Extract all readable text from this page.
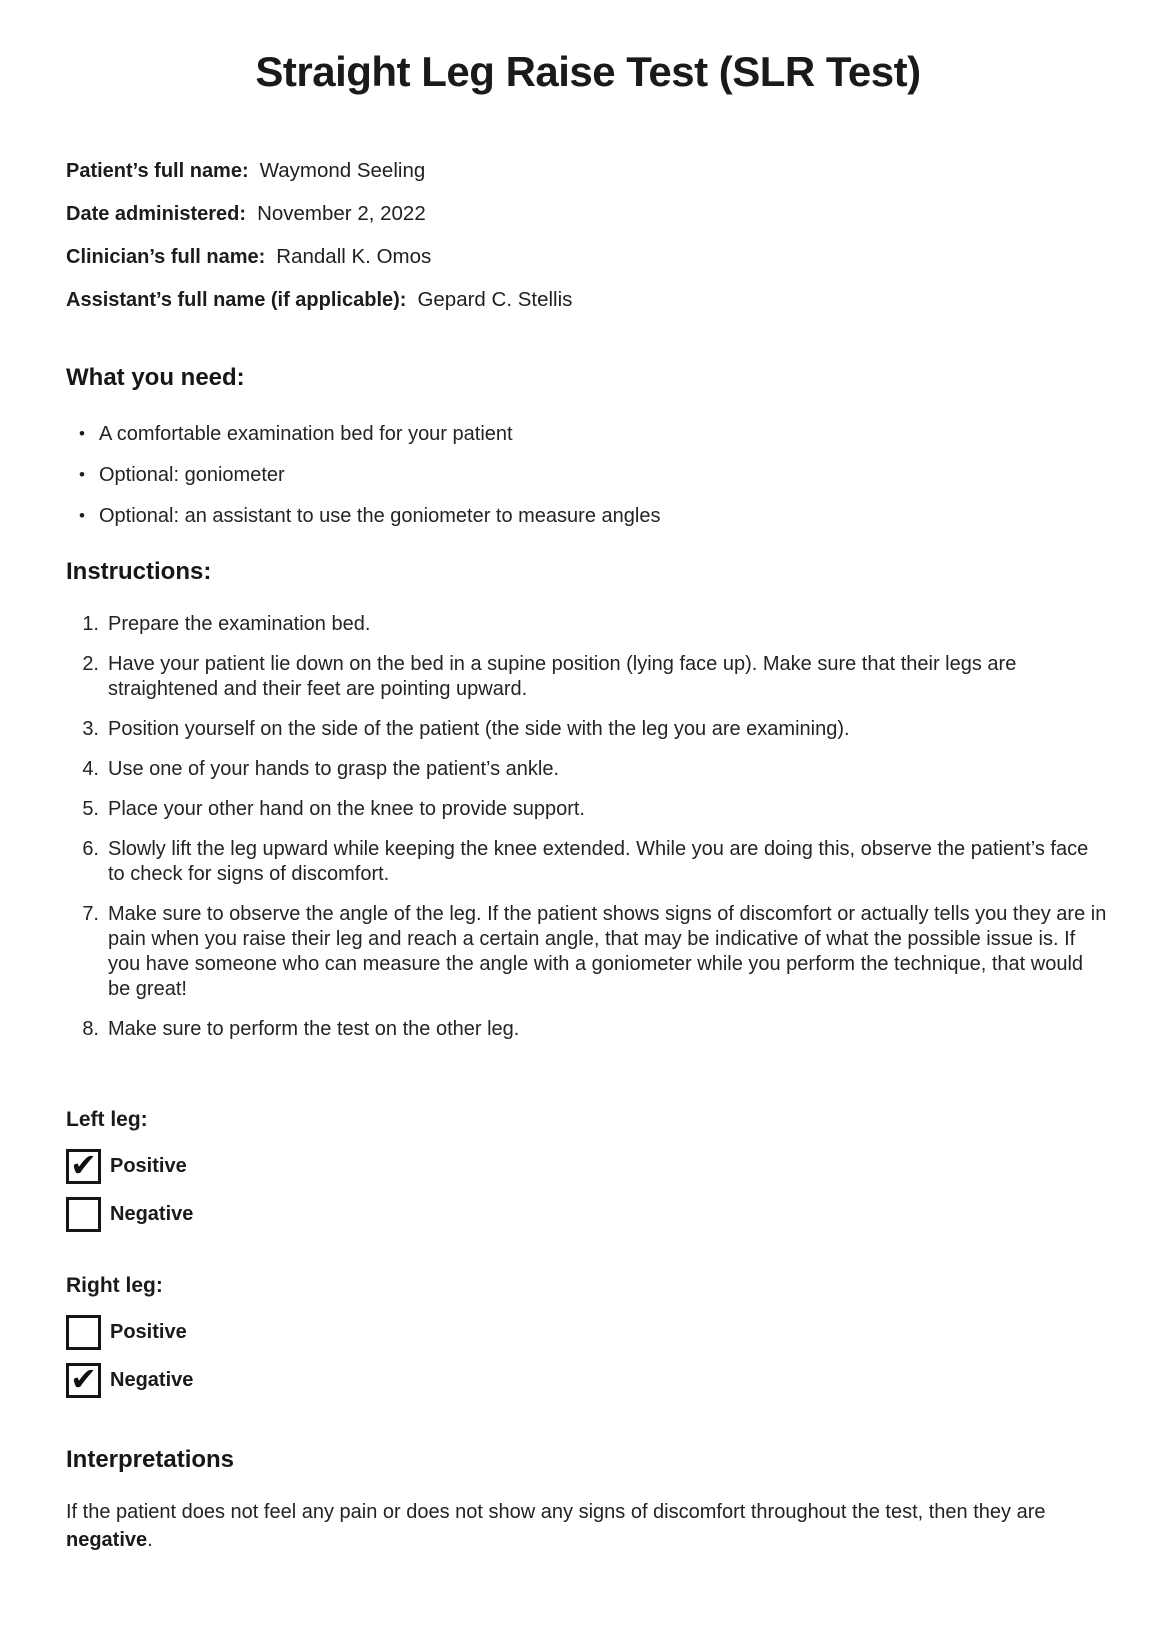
Straight Leg Raise Test (SLR Test)
Patient’s full name: Waymond Seeling
Date administered: November 2, 2022
Clinician’s full name: Randall K. Omos
Assistant’s full name (if applicable): Gepard C. Stellis
What you need:
• A comfortable examination bed for your patient
• Optional: goniometer
• Optional: an assistant to use the goniometer to measure angles
Instructions:
1. Prepare the examination bed.
2. Have your patient lie down on the bed in a supine position (lying face up). Make sure that their legs are straightened and their feet are pointing upward.
3. Position yourself on the side of the patient (the side with the leg you are examining).
4. Use one of your hands to grasp the patient’s ankle.
5. Place your other hand on the knee to provide support.
6. Slowly lift the leg upward while keeping the knee extended. While you are doing this, observe the patient’s face to check for signs of discomfort.
7. Make sure to observe the angle of the leg. If the patient shows signs of discomfort or actually tells you they are in pain when you raise their leg and reach a certain angle, that may be indicative of what the possible issue is. If you have someone who can measure the angle with a goniometer while you perform the technique, that would be great!
8. Make sure to perform the test on the other leg.
Left leg:
✔ Positive
Negative
Right leg:
Positive
✔ Negative
Interpretations

If the patient does not feel any pain or does not show any signs of discomfort throughout the test, then they are negative.
